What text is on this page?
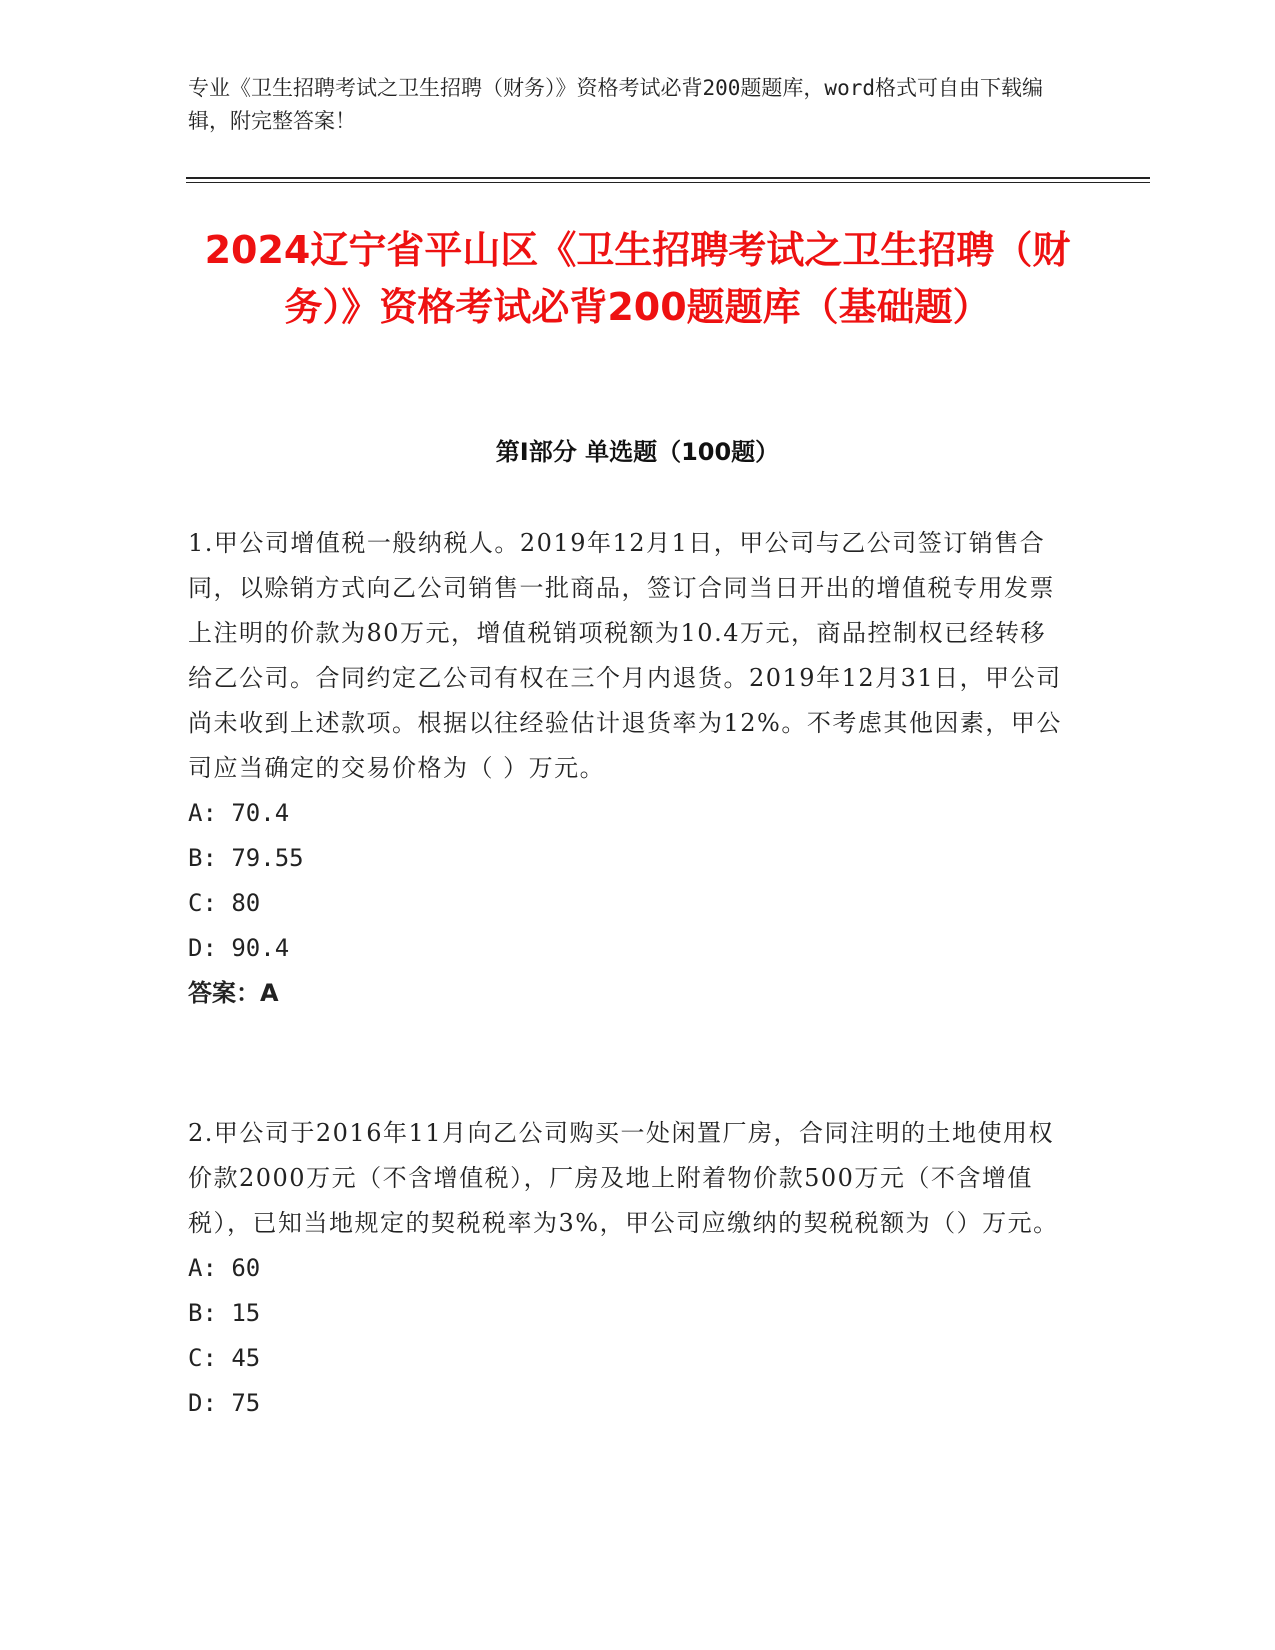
专业《卫生招聘考试之卫生招聘（财务）》资格考试必背200题题库，word格式可自由下载编辑，附完整答案！
2024辽宁省平山区《卫生招聘考试之卫生招聘（财务）》资格考试必背200题题库（基础题）
第Ⅰ部分 单选题（100题）

1.甲公司增值税一般纳税人。2019年12月1日，甲公司与乙公司签订销售合同，以赊销方式向乙公司销售一批商品，签订合同当日开出的增值税专用发票上注明的价款为80万元，增值税销项税额为10.4万元，商品控制权已经转移给乙公司。合同约定乙公司有权在三个月内退货。2019年12月31日，甲公司尚未收到上述款项。根据以往经验估计退货率为12%。不考虑其他因素，甲公司应当确定的交易价格为（ ）万元。

A: 70.4

B: 79.55

C: 80

D: 90.4

答案：A

2.甲公司于2016年11月向乙公司购买一处闲置厂房，合同注明的土地使用权价款2000万元（不含增值税），厂房及地上附着物价款500万元（不含增值税），已知当地规定的契税税率为3%，甲公司应缴纳的契税税额为（）万元。

A: 60

B: 15

C: 45

D: 75
